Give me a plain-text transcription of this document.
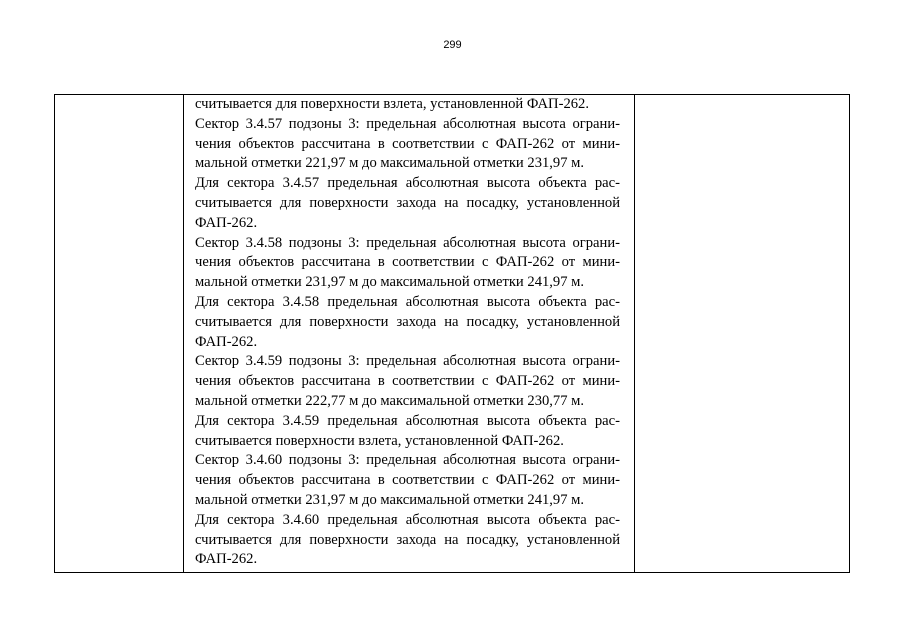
299
считывается для поверхности взлета, установленной ФАП-262.
Сектор 3.4.57 подзоны 3: предельная абсолютная высота ограни-
чения объектов рассчитана в соответствии с ФАП-262 от мини-
мальной отметки 221,97 м до максимальной отметки 231,97 м.
Для сектора 3.4.57 предельная абсолютная высота объекта рас-
считывается для поверхности захода на посадку, установленной
ФАП-262.
Сектор 3.4.58 подзоны 3: предельная абсолютная высота ограни-
чения объектов рассчитана в соответствии с ФАП-262 от мини-
мальной отметки 231,97 м до максимальной отметки 241,97 м.
Для сектора 3.4.58 предельная абсолютная высота объекта рас-
считывается для поверхности захода на посадку, установленной
ФАП-262.
Сектор 3.4.59 подзоны 3: предельная абсолютная высота ограни-
чения объектов рассчитана в соответствии с ФАП-262 от мини-
мальной отметки 222,77 м до максимальной отметки 230,77 м.
Для сектора 3.4.59 предельная абсолютная высота объекта рас-
считывается поверхности взлета, установленной ФАП-262.
Сектор 3.4.60 подзоны 3: предельная абсолютная высота ограни-
чения объектов рассчитана в соответствии с ФАП-262 от мини-
мальной отметки 231,97 м до максимальной отметки 241,97 м.
Для сектора 3.4.60 предельная абсолютная высота объекта рас-
считывается для поверхности захода на посадку, установленной
ФАП-262.
